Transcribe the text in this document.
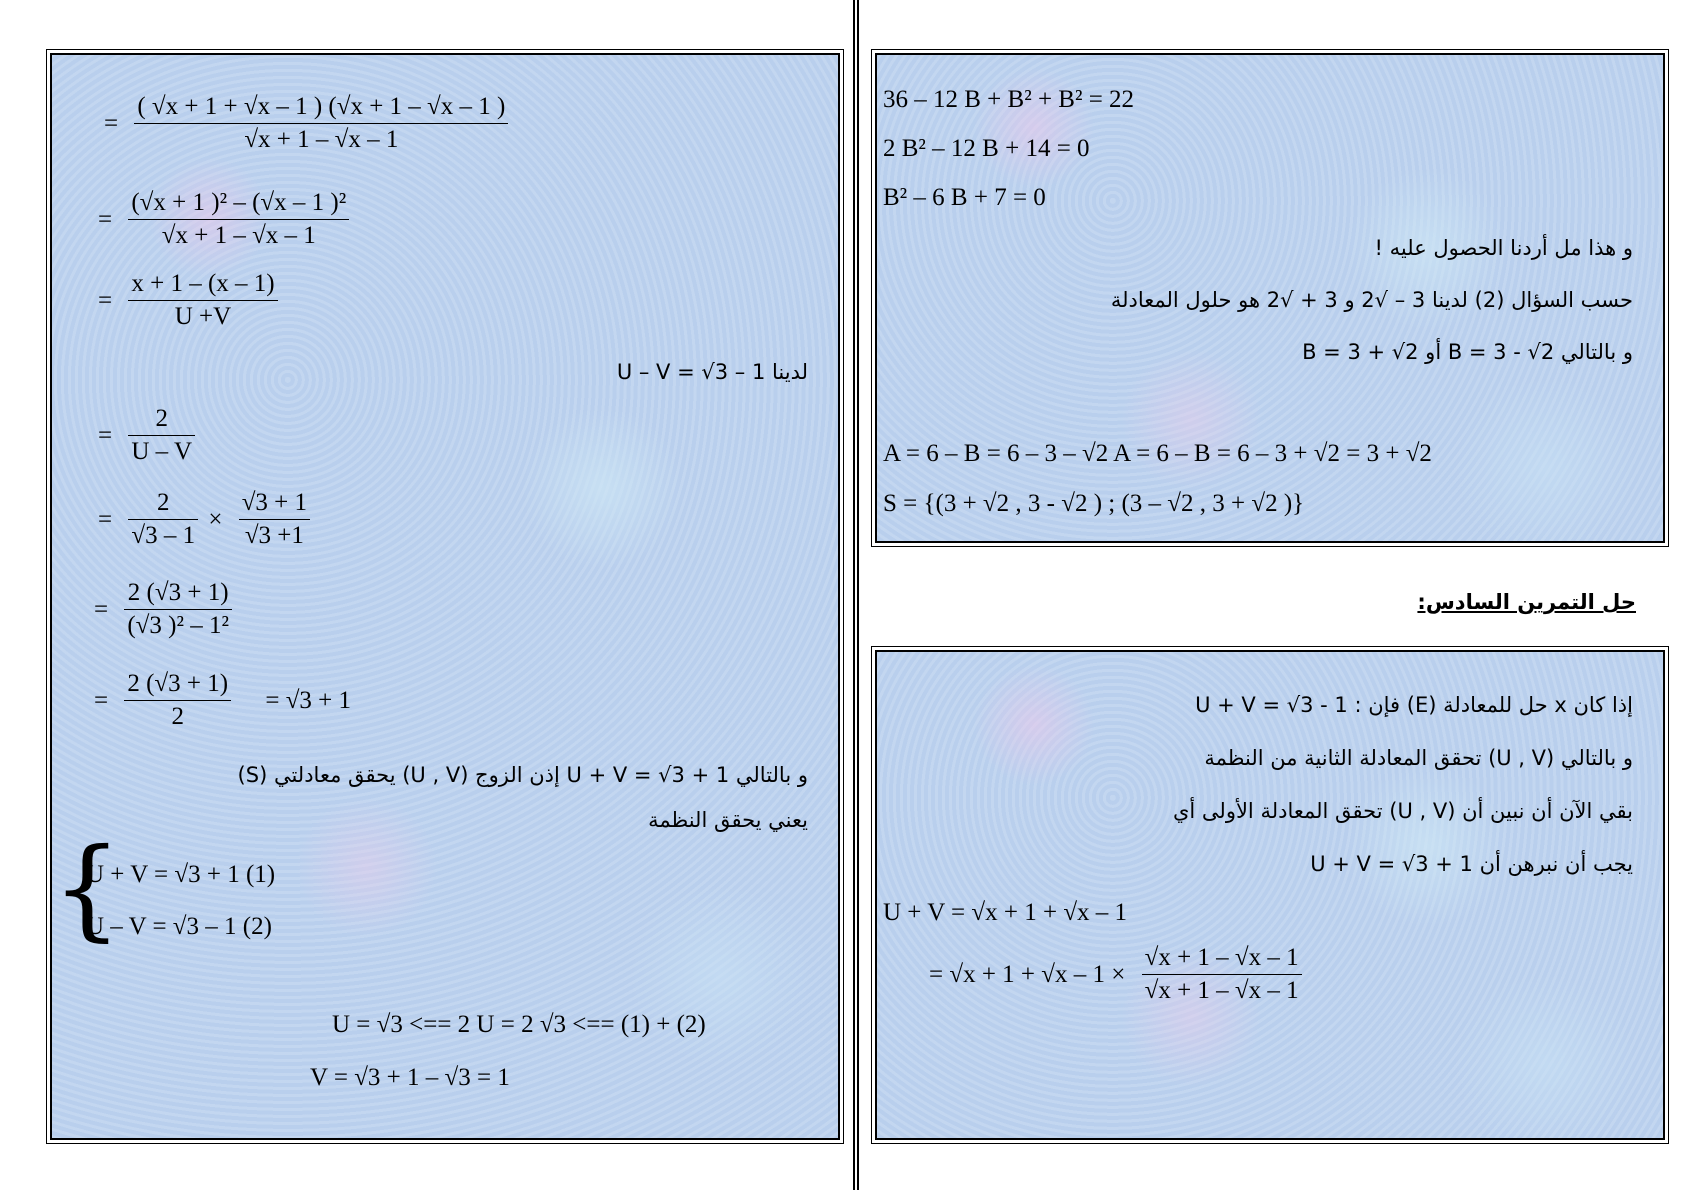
= $\frac{( √x + 1 + √x - 1 ) (√x + 1 - √x - 1 )}{√x + 1 - √x - 1}$
= $\frac{\text{(√x + 1 )² – (√x – 1 )²}}{√x + 1 - √x - 1}$
= $\frac{x + 1 - (x - 1)}{U +V}$
U – V = √3 – 1 لدينا
= $\frac{2}{U - V}$
= $\frac{2}{√3 - 1} \times \frac{√3 + 1}{√3 +1}$
= $\frac{2 (√3 + 1)}{\text{(√3 )² – 1²}}$
= $\frac{2 (√3 + 1)}{2} = √3 + 1$
و بالتالي U + V = √3 + 1 إذن الزوج (U , V) يحقق معادلتي (S)
يعني يحقق النظمة
{
U + V = √3 + 1 (1)
U – V = √3 – 1 (2)
U = √3 <== 2 U = 2 √3 <== (1) + (2)
V = √3 + 1 – √3 = 1
36 – 12 B + B² + B² = 22
2 B² – 12 B + 14 = 0
B² – 6 B + 7 = 0
و هذا مل أردنا الحصول عليه !
حسب السؤال (2) لدينا 3 – √2 و 3 + √2 هو حلول المعادلة
و بالتالي B = 3 - √2 أو B = 3 + √2
A = 6 – B = 6 – 3 – √2 A = 6 – B = 6 – 3 + √2 = 3 + √2
S = {(3 + √2 , 3 - √2 ) ; (3 – √2 , 3 + √2 )}
حل التمرين السادس:
إذا كان x حل للمعادلة (E) فإن : U + V = √3 - 1
و بالتالي (U , V) تحقق المعادلة الثانية من النظمة
بقي الآن أن نبين أن (U , V) تحقق المعادلة الأولى أي
يجب أن نبرهن أن U + V = √3 + 1
U + V = √x + 1 + √x – 1
= $√x + 1 + √x - 1 \times \frac{√x + 1 - √x - 1}{√x + 1 - √x - 1}$
